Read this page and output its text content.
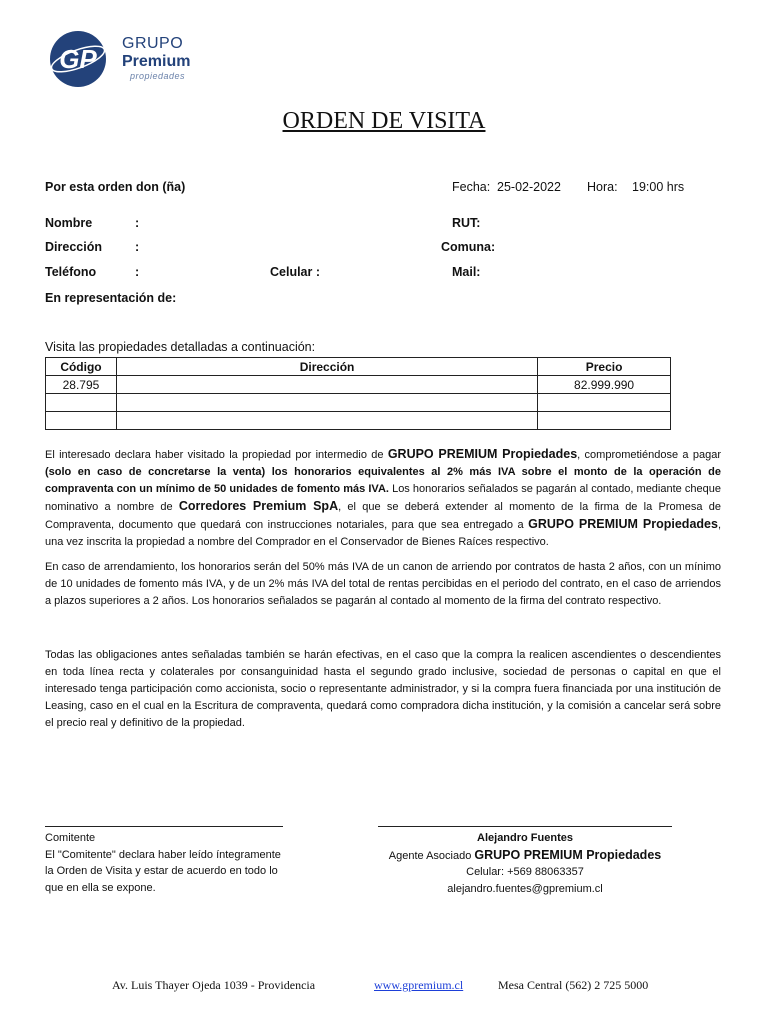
GP
GRUPO
Premium
propiedades
ORDEN DE VISITA
Por esta orden don (ña)	Fecha: 25-02-2022 Hora: 19:00 hrs
Nombre	:	RUT:
Dirección	:	Comuna:
Teléfono	:	Celular :	Mail:
En representación de:
Visita las propiedades detalladas a continuación:
Código	Dirección	Precio
28.795		82.999.990

El interesado declara haber visitado la propiedad por intermedio de GRUPO PREMIUM Propiedades, comprometiéndose a pagar (solo en caso de concretarse la venta) los honorarios equivalentes al 2% más IVA sobre el monto de la operación de compraventa con un mínimo de 50 unidades de fomento más IVA. Los honorarios señalados se pagarán al contado, mediante cheque nominativo a nombre de Corredores Premium SpA, el que se deberá extender al momento de la firma de la Promesa de Compraventa, documento que quedará con instrucciones notariales, para que sea entregado a GRUPO PREMIUM Propiedades, una vez inscrita la propiedad a nombre del Comprador en el Conservador de Bienes Raíces respectivo.
En caso de arrendamiento, los honorarios serán del 50% más IVA de un canon de arriendo por contratos de hasta 2 años, con un mínimo de 10 unidades de fomento más IVA, y de un 2% más IVA del total de rentas percibidas en el periodo del contrato, en el caso de arriendos a plazos superiores a 2 años. Los honorarios señalados se pagarán al contado al momento de la firma del contrato respectivo.
Todas las obligaciones antes señaladas también se harán efectivas, en el caso que la compra la realicen ascendientes o descendientes en toda línea recta y colaterales por consanguinidad hasta el segundo grado inclusive, sociedad de personas o capital en que el interesado tenga participación como accionista, socio o representante administrador, y si la compra fuera financiada por una institución de Leasing, caso en el cual en la Escritura de compraventa, quedará como compradora dicha institución, y la comisión a cancelar será sobre el precio real y definitivo de la propiedad.
Comitente
El "Comitente" declara haber leído íntegramente
la Orden de Visita y estar de acuerdo en todo lo
que en ella se expone.
Alejandro Fuentes
Agente Asociado GRUPO PREMIUM Propiedades
Celular: +569 88063357
alejandro.fuentes@gpremium.cl
Av. Luis Thayer Ojeda 1039 - Providencia	www.gpremium.cl	Mesa Central (562) 2 725 5000
